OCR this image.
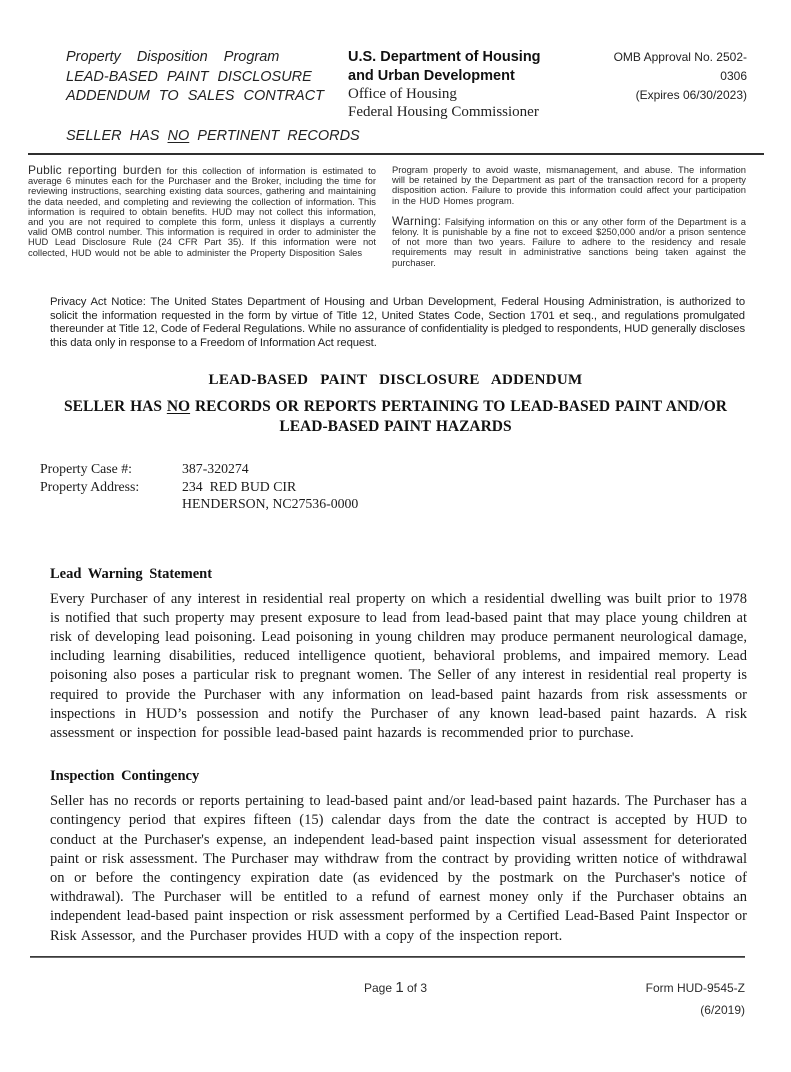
Property Disposition Program
LEAD-BASED PAINT DISCLOSURE
ADDENDUM TO SALES CONTRACT
U.S. Department of Housing
and Urban Development
Office of Housing
Federal Housing Commissioner
OMB Approval No. 2502-0306
(Expires 06/30/2023)
SELLER HAS NO PERTINENT RECORDS
Public reporting burden for this collection of information is estimated to average 6 minutes each for the Purchaser and the Broker, including the time for reviewing instructions, searching existing data sources, gathering and maintaining the data needed, and completing and reviewing the collection of information. This information is required to obtain benefits. HUD may not collect this information, and you are not required to complete this form, unless it displays a currently valid OMB control number. This information is required in order to administer the HUD Lead Disclosure Rule (24 CFR Part 35). If this information were not collected, HUD would not be able to administer the Property Disposition Sales
Program properly to avoid waste, mismanagement, and abuse. The information will be retained by the Department as part of the transaction record for a property disposition action. Failure to provide this information could affect your participation in the HUD Homes program.
Warning: Falsifying information on this or any other form of the Department is a felony. It is punishable by a fine not to exceed $250,000 and/or a prison sentence of not more than two years. Failure to adhere to the residency and resale requirements may result in administrative sanctions being taken against the purchaser.
Privacy Act Notice: The United States Department of Housing and Urban Development, Federal Housing Administration, is authorized to solicit the information requested in the form by virtue of Title 12, United States Code, Section 1701 et seq., and regulations promulgated thereunder at Title 12, Code of Federal Regulations. While no assurance of confidentiality is pledged to respondents, HUD generally discloses this data only in response to a Freedom of Information Act request.
LEAD-BASED PAINT DISCLOSURE ADDENDUM
SELLER HAS NO RECORDS OR REPORTS PERTAINING TO LEAD-BASED PAINT AND/OR
LEAD-BASED PAINT HAZARDS
Property Case #:	387-320274
Property Address:	234  RED BUD CIR
HENDERSON, NC27536-0000
Lead Warning Statement
Every Purchaser of any interest in residential real property on which a residential dwelling was built prior to 1978 is notified that such property may present exposure to lead from lead-based paint that may place young children at risk of developing lead poisoning. Lead poisoning in young children may produce permanent neurological damage, including learning disabilities, reduced intelligence quotient, behavioral problems, and impaired memory. Lead poisoning also poses a particular risk to pregnant women. The Seller of any interest in residential real property is required to provide the Purchaser with any information on lead-based paint hazards from risk assessments or inspections in HUD’s possession and notify the Purchaser of any known lead-based paint hazards. A risk assessment or inspection for possible lead-based paint hazards is recommended prior to purchase.
Inspection Contingency
Seller has no records or reports pertaining to lead-based paint and/or lead-based paint hazards. The Purchaser has a contingency period that expires fifteen (15) calendar days from the date the contract is accepted by HUD to conduct at the Purchaser's expense, an independent lead-based paint inspection visual assessment for deteriorated paint or risk assessment. The Purchaser may withdraw from the contract by providing written notice of withdrawal on or before the contingency expiration date (as evidenced by the postmark on the Purchaser's notice of withdrawal). The Purchaser will be entitled to a refund of earnest money only if the Purchaser obtains an independent lead-based paint inspection or risk assessment performed by a Certified Lead-Based Paint Inspector or Risk Assessor, and the Purchaser provides HUD with a copy of the inspection report.
Page 1 of 3	Form HUD-9545-Z
(6/2019)
